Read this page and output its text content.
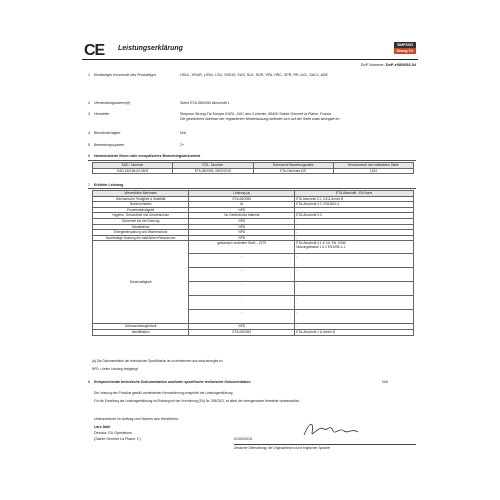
CE Leistungserklärung	SIMPSON
Strong-Tie
DoP Nummer: DoP-e08/0053-04
1 Eindeutiger Kenncode des Produkttyps	HSUL, HSUR, LSSU, LSU, SSS30, SUS, SUL, SUR, VPA, HRC, SPR, RR, ACL, SACL, ADE
2 Verwendungszweck(e)	Siehe ETA-08/0053 Abschnitt 1
3 Hersteller	Simpson Strong-Tie Europe EURL, ZAC des 4 chemin, 85400 Sainte Gemme la Plaine, France
Die gesetzliche Adresse der registrierten Niederlassung befindet sich auf der Seite www.strongtie.eu
4 Bevollmächtigter	N/A
5 Bewertungssystem	2+
6 Harmonisierte Norm oder europäisches Bewertungsdokument
EAD - Nummer	ETA - Nummer	Technische Bewertungsstelle	Kennnummer der notifizierten Stelle
EAD-130186-00-0603	ETA-08/0053, 05/02/2015	ETA-Danmark A/S	1343
7 Erklärte Leistung
Wesentliche Merkmale	Leistung (a)	ETA-Abschnitt - EN-Norm
Mechanische Festigkeit & Stabilität	ETA-08/0053	ETA Abschnitt 3.1, 3.8 & Annex B
Brandverhalten	A1	ETA-Abschnitt 3.2, EN13501-1
Feuerbeständigkeit	NPD	
Hygiene, Gesundheit und Umweltschutz	No Gefährliches Material	ETA-Abschnitt 3.3
Sicherheit bei der Nutzung	NPD	-
Schallschutz	NPD	-
Energieeinsparung und Wärmeschutz	NPD	-
Nachhaltige Nutzung der natürlichen Ressourcen	NPD	-
Dauerhaftigkeit	galvanisch verzinkter Stahl – Z275	ETA-Abschnitt 3.1 & 3.8, EN 10346
Nutzungsklasse 1 & 2 EN1995-1-1
	-	-
	-	-
	-	-
	-	-
	-	-
Gebrauchstauglichkeit	NPD	-
Identifikation	ETA-08/0053	ETA-Abschnitt 1 & Annex B
(a) Die Dokumentation der technischen Spezifikation ist zu entnehmen aus www.strongtie.eu
NPD = keine Leistung festgelegt
8 Entsprechende technische Dokumentation und/oder spezifische technische Dokumentation	N/A
Die Leistung des Produkts gemäß vorstehender Kennzeichnung entspricht der Leistungserklärung.
Für die Erstellung der Leistungserklärung im Einklang mit der Verordnung (EU) Nr. 305/2011, ist allein der obengenannte Hersteller verantwortlich.
Unterzeichnet im Auftrag und Namen des Herstellers:
Lars Dahl
Director, EU Operations
(Sainte Gemme La Plaine, F.)	01/05/2015
Deutsche Übersetzung, die Originalversion ist in englischer Sprache
